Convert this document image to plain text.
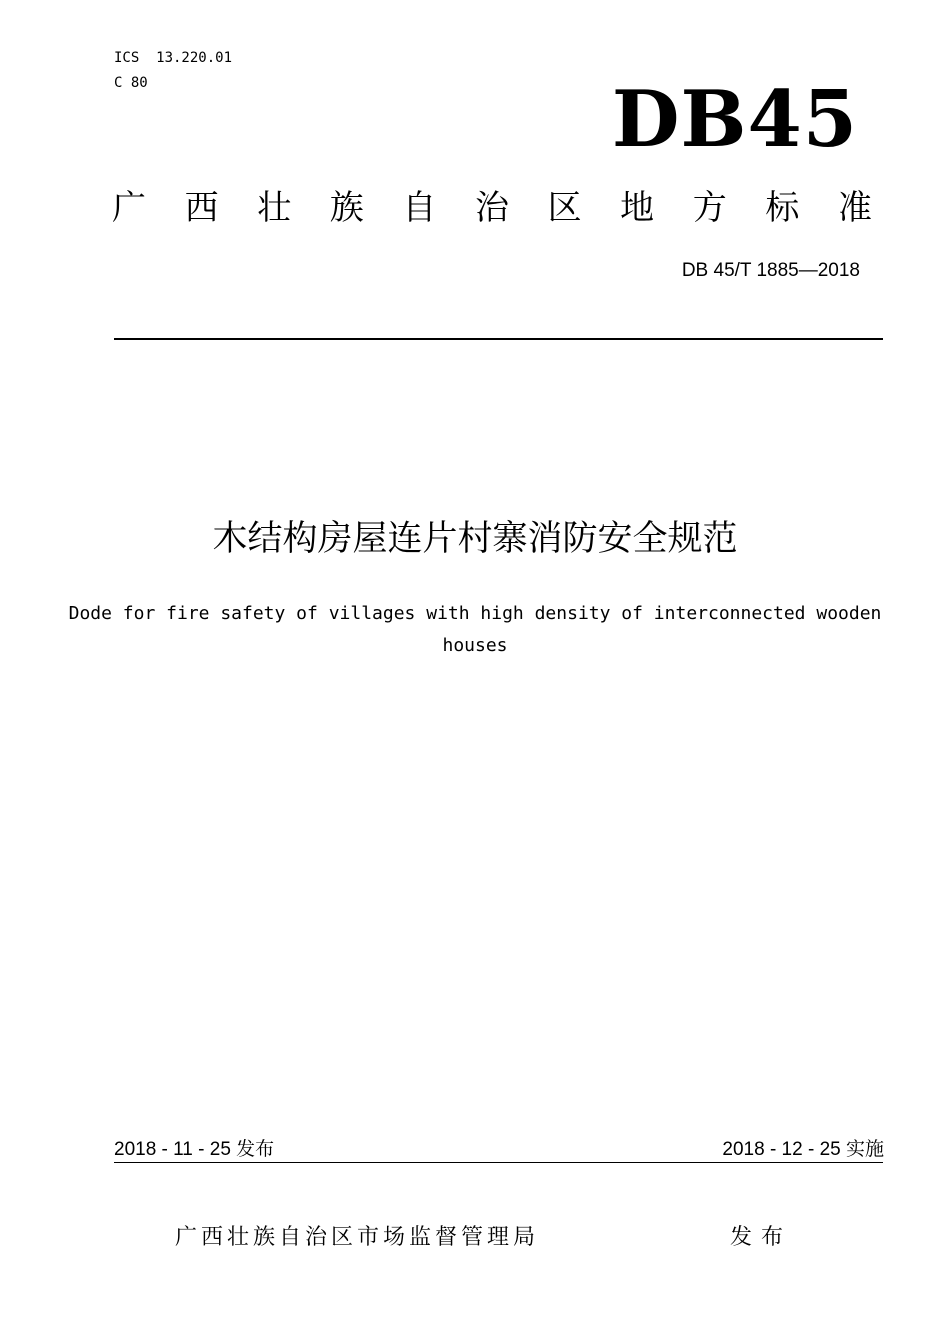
ICS  13.220.01
C 80	DB45
广 西 壮 族 自 治 区 地 方 标 准
DB 45/T 1885—2018
木结构房屋连片村寨消防安全规范
Dode for fire safety of villages with high density of interconnected wooden houses
2018 - 11 - 25 发布	2018 - 12 - 25 实施
广西壮族自治区市场监督管理局	发布
